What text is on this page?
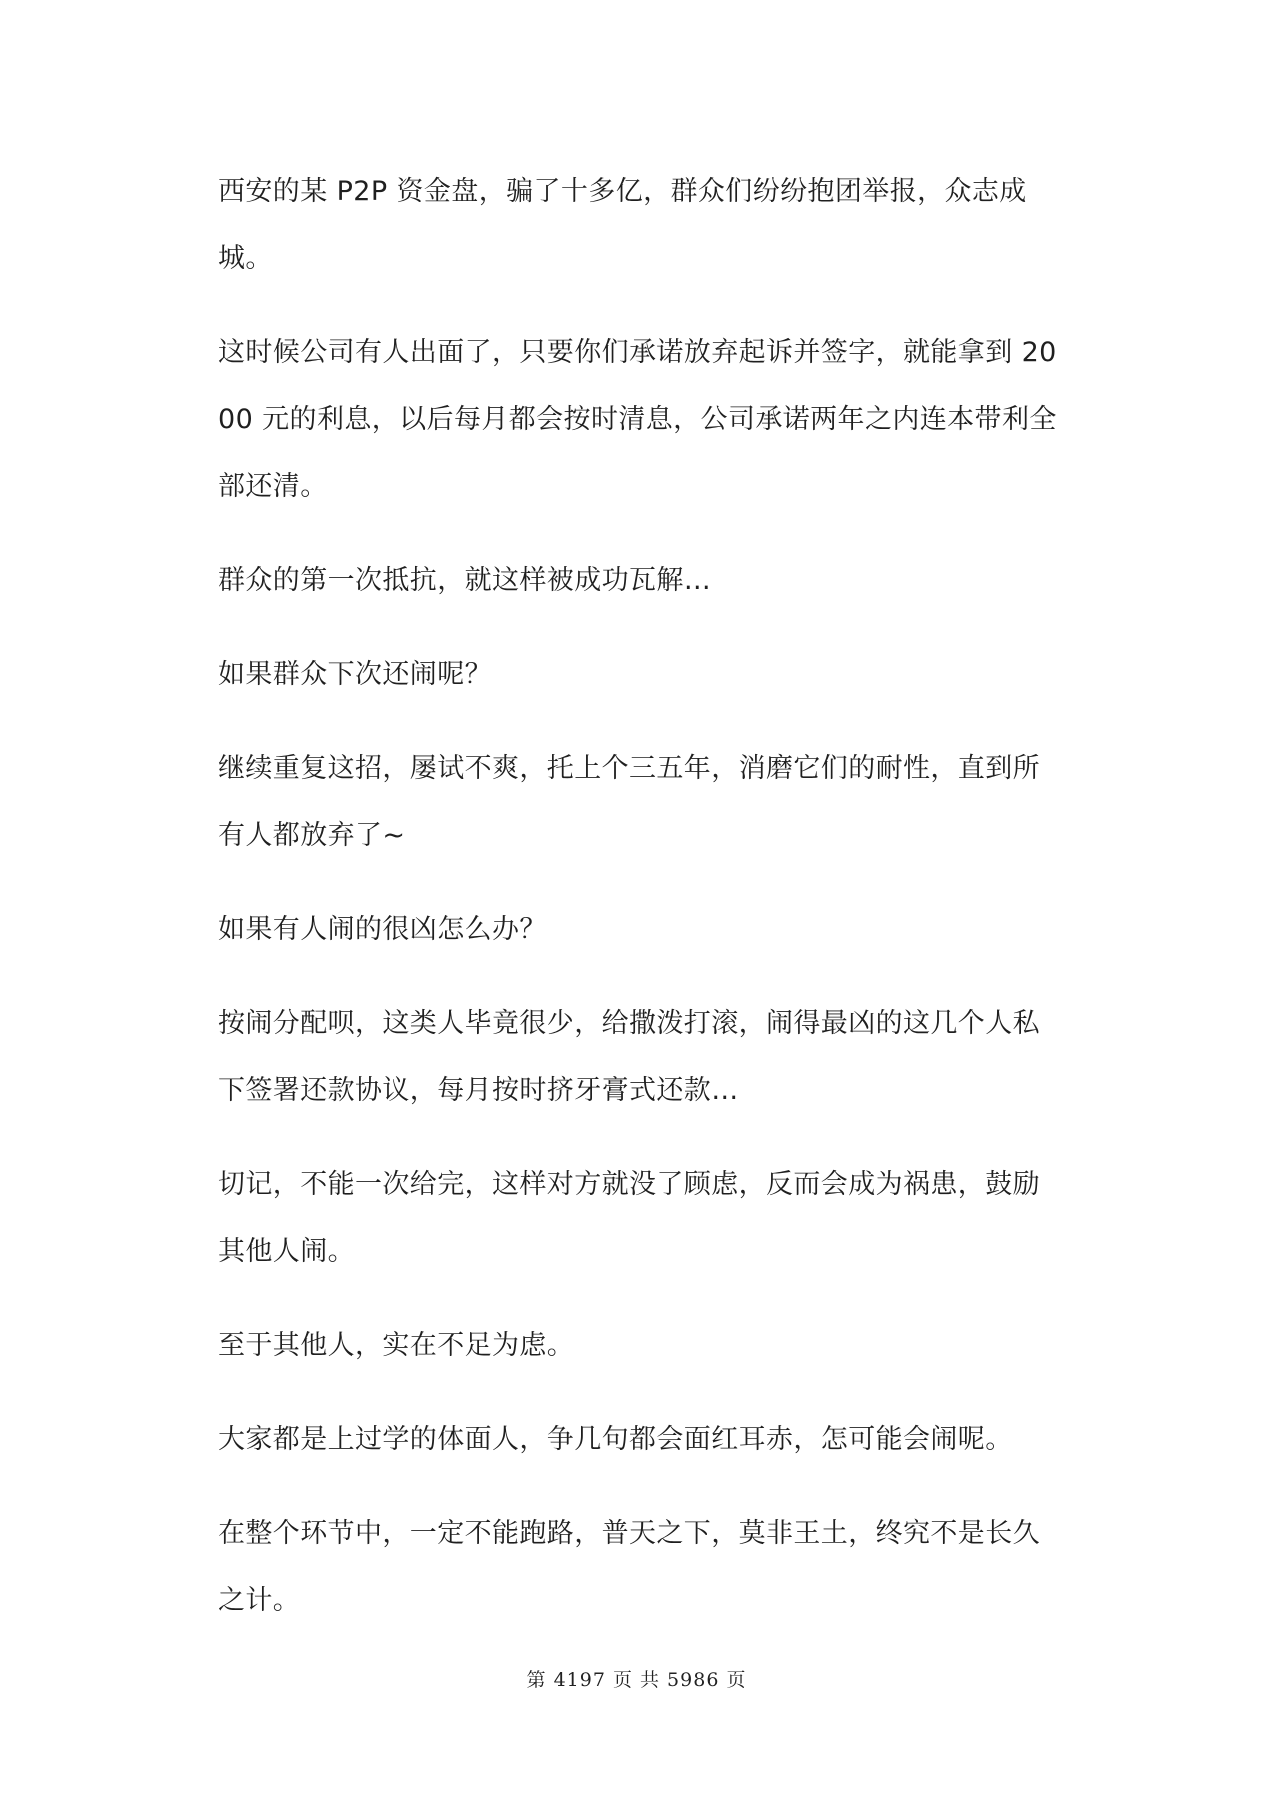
西安的某 P2P 资金盘，骗了十多亿，群众们纷纷抱团举报，众志成城。

这时候公司有人出面了，只要你们承诺放弃起诉并签字，就能拿到 2000 元的利息，以后每月都会按时清息，公司承诺两年之内连本带利全部还清。

群众的第一次抵抗，就这样被成功瓦解…

如果群众下次还闹呢？

继续重复这招，屡试不爽，托上个三五年，消磨它们的耐性，直到所有人都放弃了~

如果有人闹的很凶怎么办？

按闹分配呗，这类人毕竟很少，给撒泼打滚，闹得最凶的这几个人私下签署还款协议，每月按时挤牙膏式还款…

切记，不能一次给完，这样对方就没了顾虑，反而会成为祸患，鼓励其他人闹。

至于其他人，实在不足为虑。

大家都是上过学的体面人，争几句都会面红耳赤，怎可能会闹呢。

在整个环节中，一定不能跑路，普天之下，莫非王土，终究不是长久之计。

第 4197 页 共 5986 页
